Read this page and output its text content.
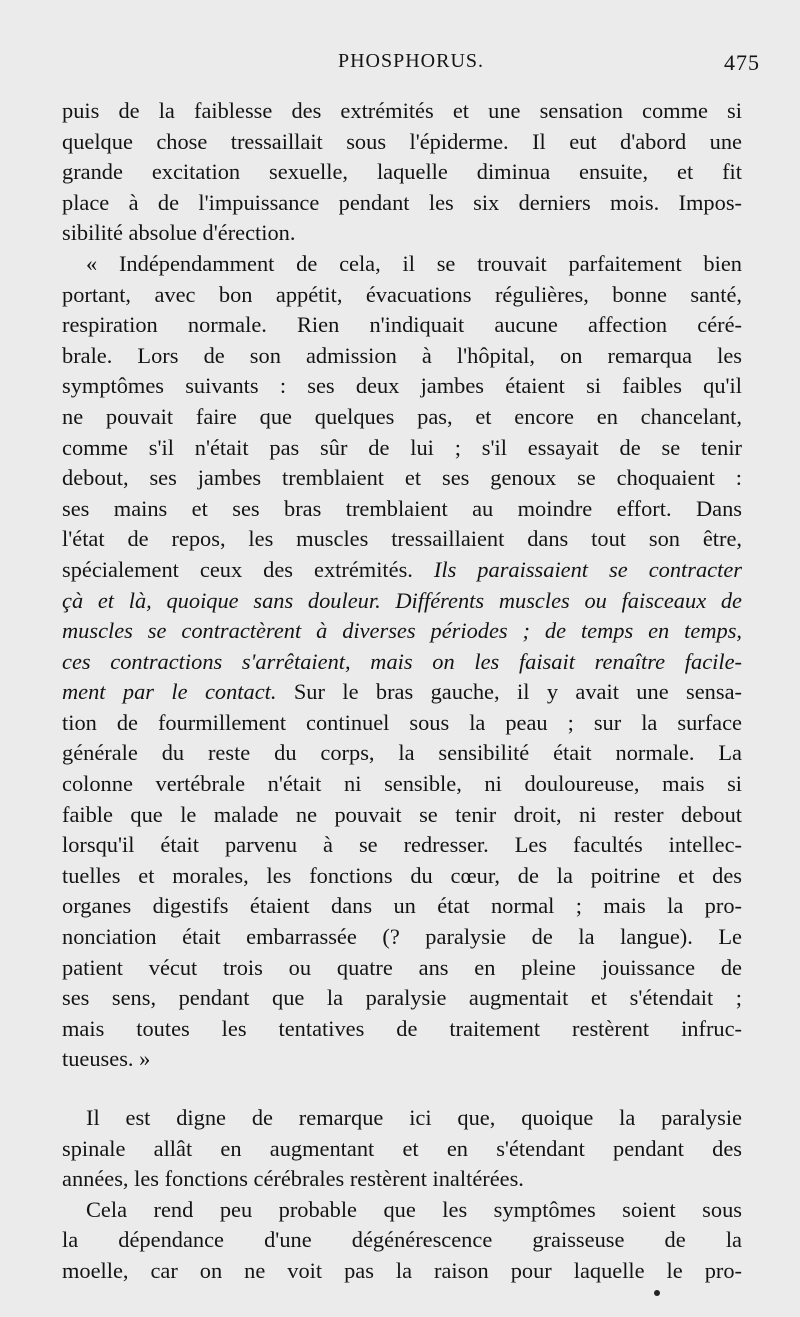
PHOSPHORUS.	475
puis de la faiblesse des extrémités et une sensation comme si
quelque chose tressaillait sous l'épiderme. Il eut d'abord une
grande excitation sexuelle, laquelle diminua ensuite, et fit
place à de l'impuissance pendant les six derniers mois. Impos-
sibilité absolue d'érection.
« Indépendamment de cela, il se trouvait parfaitement bien
portant, avec bon appétit, évacuations régulières, bonne santé,
respiration normale. Rien n'indiquait aucune affection céré-
brale. Lors de son admission à l'hôpital, on remarqua les
symptômes suivants : ses deux jambes étaient si faibles qu'il
ne pouvait faire que quelques pas, et encore en chancelant,
comme s'il n'était pas sûr de lui ; s'il essayait de se tenir
debout, ses jambes tremblaient et ses genoux se choquaient :
ses mains et ses bras tremblaient au moindre effort. Dans
l'état de repos, les muscles tressaillaient dans tout son être,
spécialement ceux des extrémités. Ils paraissaient se contracter
çà et là, quoique sans douleur. Différents muscles ou faisceaux de
muscles se contractèrent à diverses périodes ; de temps en temps,
ces contractions s'arrêtaient, mais on les faisait renaître facile-
ment par le contact. Sur le bras gauche, il y avait une sensa-
tion de fourmillement continuel sous la peau ; sur la surface
générale du reste du corps, la sensibilité était normale. La
colonne vertébrale n'était ni sensible, ni douloureuse, mais si
faible que le malade ne pouvait se tenir droit, ni rester debout
lorsqu'il était parvenu à se redresser. Les facultés intellec-
tuelles et morales, les fonctions du cœur, de la poitrine et des
organes digestifs étaient dans un état normal ; mais la pro-
nonciation était embarrassée (? paralysie de la langue). Le
patient vécut trois ou quatre ans en pleine jouissance de
ses sens, pendant que la paralysie augmentait et s'étendait ;
mais toutes les tentatives de traitement restèrent infruc-
tueuses. »
Il est digne de remarque ici que, quoique la paralysie
spinale allât en augmentant et en s'étendant pendant des
années, les fonctions cérébrales restèrent inaltérées.
Cela rend peu probable que les symptômes soient sous
la dépendance d'une dégénérescence graisseuse de la
moelle, car on ne voit pas la raison pour laquelle le pro-
